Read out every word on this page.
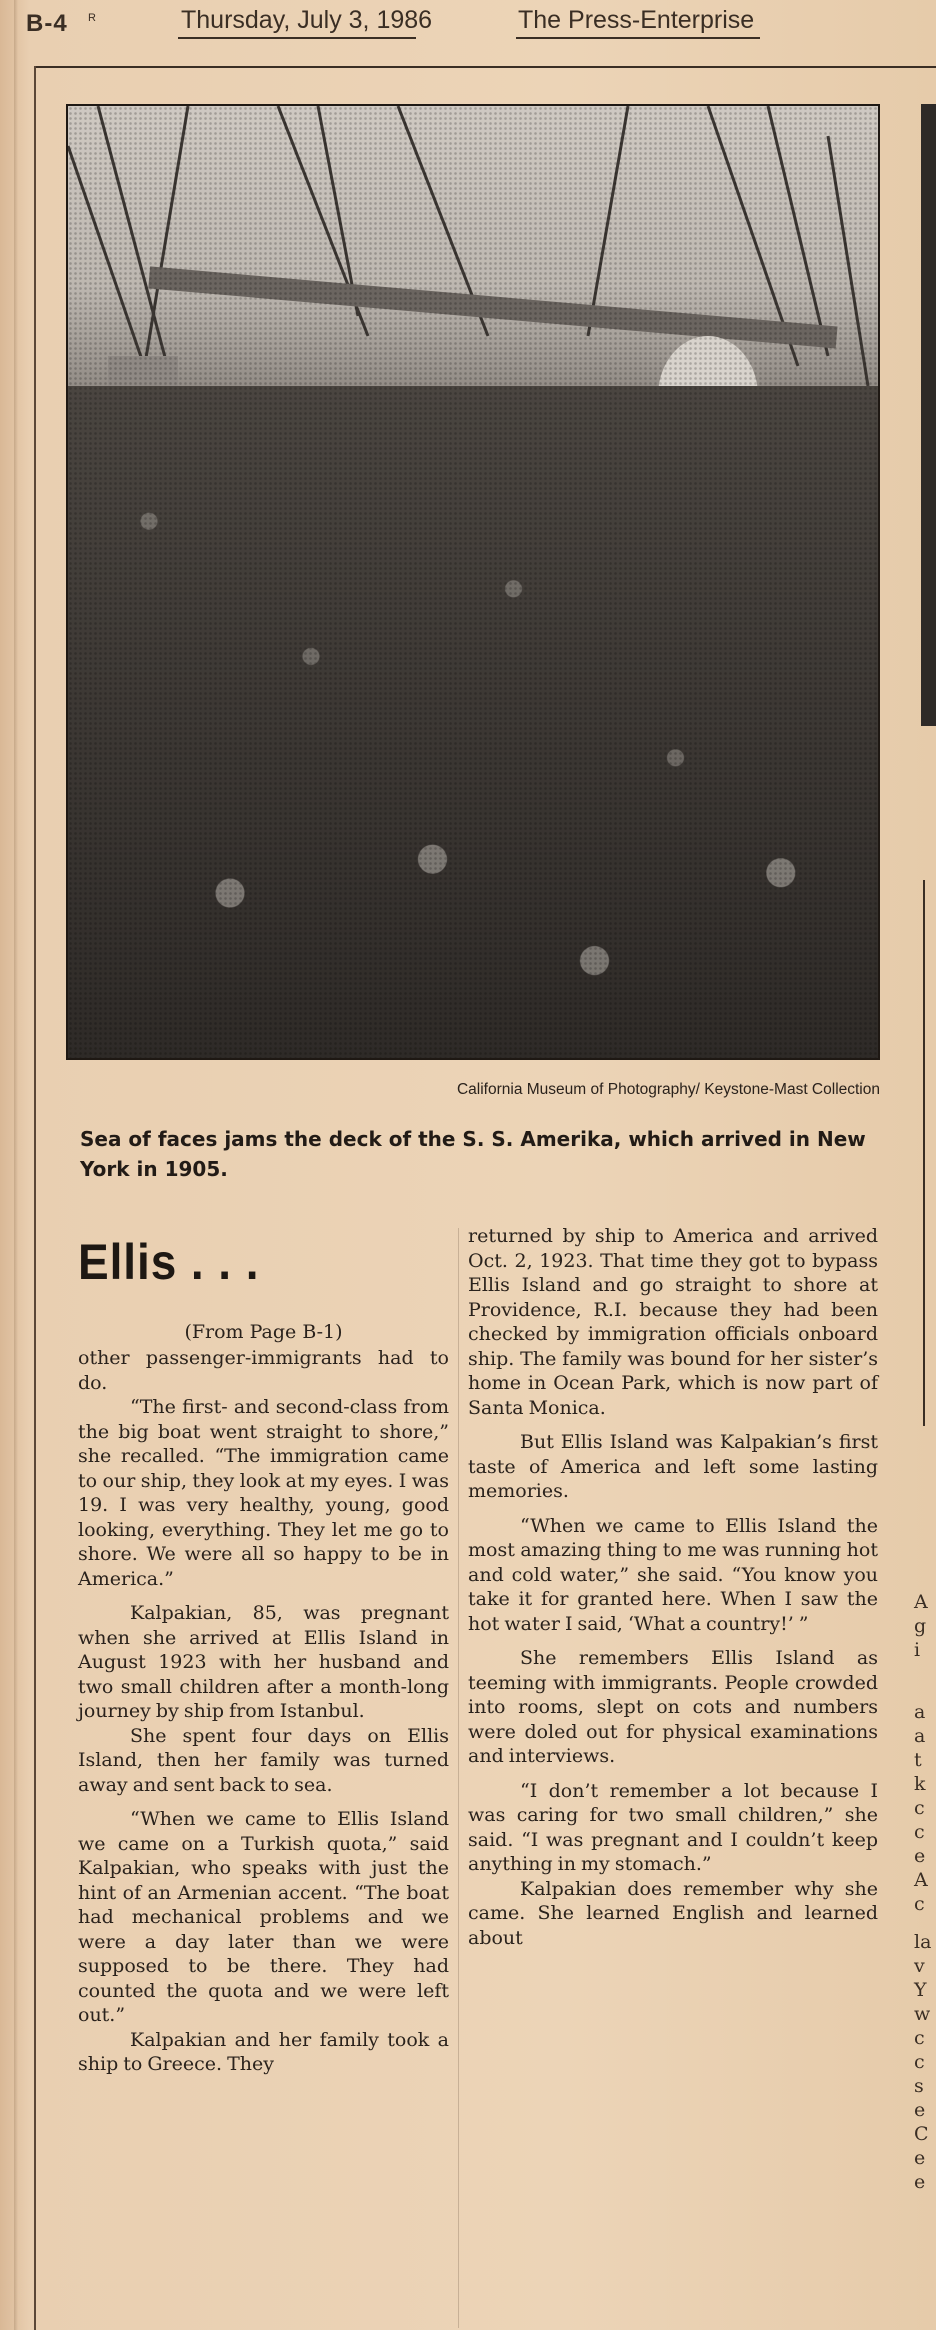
B-4 R	Thursday, July 3, 1986	The Press-Enterprise
California Museum of Photography/ Keystone-Mast Collection
Sea of faces jams the deck of the S. S. Amerika, which arrived in New York in 1905.
Ellis . . .
(From Page B-1)

other passenger-immigrants had to do.

“The first- and second-class from the big boat went straight to shore,” she recalled. “The immigration came to our ship, they look at my eyes. I was 19. I was very healthy, young, good looking, everything. They let me go to shore. We were all so happy to be in America.”

Kalpakian, 85, was pregnant when she arrived at Ellis Island in August 1923 with her husband and two small children after a month-long journey by ship from Istanbul.

She spent four days on Ellis Island, then her family was turned away and sent back to sea.

“When we came to Ellis Island we came on a Turkish quota,” said Kalpakian, who speaks with just the hint of an Armenian accent. “The boat had mechanical problems and we were a day later than we were supposed to be there. They had counted the quota and we were left out.”

Kalpakian and her family took a ship to Greece. They

returned by ship to America and arrived Oct. 2, 1923. That time they got to bypass Ellis Island and go straight to shore at Providence, R.I. because they had been checked by immigration officials onboard ship. The family was bound for her sister’s home in Ocean Park, which is now part of Santa Monica.

But Ellis Island was Kalpakian’s first taste of America and left some lasting memories.

“When we came to Ellis Island the most amazing thing to me was running hot and cold water,” she said. “You know you take it for granted here. When I saw the hot water I said, ‘What a country!’ ”

She remembers Ellis Island as teeming with immigrants. People crowded into rooms, slept on cots and numbers were doled out for physical examinations and interviews.

“I don’t remember a lot because I was caring for two small children,” she said. “I was pregnant and I couldn’t keep anything in my stomach.”

Kalpakian does remember why she came. She learned English and learned about

A
g
i
a
a
t
k
c
c
e
A
c
la
v
Y
w
c
c
s
e
C
e
e
